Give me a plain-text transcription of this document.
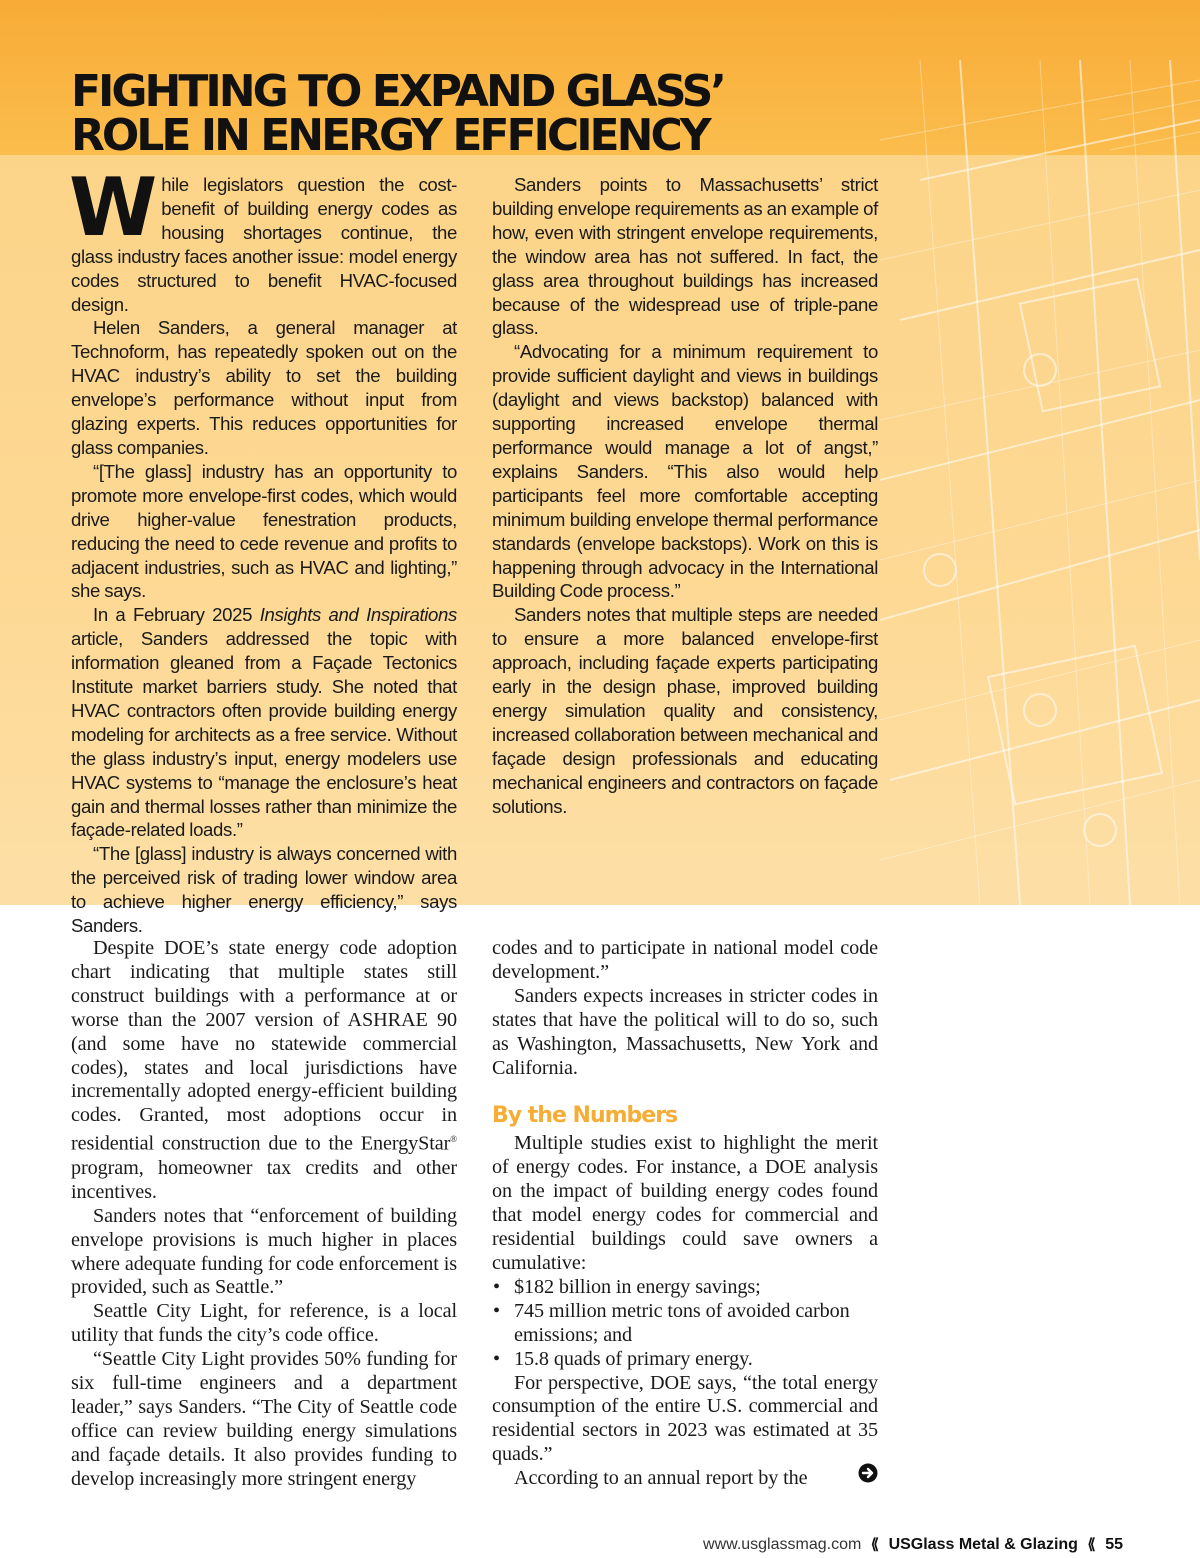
FIGHTING TO EXPAND GLASS’
ROLE IN ENERGY EFFICIENCY

While legislators question the cost-benefit of building energy codes as housing shortages continue, the glass industry faces another issue: model energy codes structured to benefit HVAC-focused design.

Helen Sanders, a general manager at Technoform, has repeatedly spoken out on the HVAC industry’s ability to set the building envelope’s performance without input from glazing experts. This reduces opportunities for glass companies.

“[The glass] industry has an opportunity to promote more envelope-first codes, which would drive higher-value fenestration products, reducing the need to cede revenue and profits to adjacent industries, such as HVAC and lighting,” she says.

In a February 2025 Insights and Inspirations article, Sanders addressed the topic with information gleaned from a Façade Tectonics Institute market barriers study. She noted that HVAC contractors often provide building energy modeling for architects as a free service. Without the glass industry’s input, energy modelers use HVAC systems to “manage the enclosure’s heat gain and thermal losses rather than minimize the façade-related loads.”

“The [glass] industry is always concerned with the perceived risk of trading lower window area to achieve higher energy efficiency,” says Sanders.

Sanders points to Massachusetts’ strict building envelope requirements as an example of how, even with stringent envelope requirements, the window area has not suffered. In fact, the glass area throughout buildings has increased because of the widespread use of triple-pane glass.

“Advocating for a minimum requirement to provide sufficient daylight and views in buildings (daylight and views backstop) balanced with supporting increased envelope thermal performance would manage a lot of angst,” explains Sanders. “This also would help participants feel more comfortable accepting minimum building envelope thermal performance standards (envelope backstops). Work on this is happening through advocacy in the International Building Code process.”

Sanders notes that multiple steps are needed to ensure a more balanced envelope-first approach, including façade experts participating early in the design phase, improved building energy simulation quality and consistency, increased collaboration between mechanical and façade design professionals and educating mechanical engineers and contractors on façade solutions.

Despite DOE’s state energy code adoption chart indicating that multiple states still construct buildings with a performance at or worse than the 2007 version of ASHRAE 90 (and some have no statewide commercial codes), states and local jurisdictions have incrementally adopted energy-efficient building codes. Granted, most adoptions occur in residential construction due to the EnergyStar® program, homeowner tax credits and other incentives.

Sanders notes that “enforcement of building envelope provisions is much higher in places where adequate funding for code enforcement is provided, such as Seattle.”

Seattle City Light, for reference, is a local utility that funds the city’s code office.

“Seattle City Light provides 50% funding for six full-time engineers and a department leader,” says Sanders. “The City of Seattle code office can review building energy simulations and façade details. It also provides funding to develop increasingly more stringent energy

codes and to participate in national model code development.”

Sanders expects increases in stricter codes in states that have the political will to do so, such as Washington, Massachusetts, New York and California.

By the Numbers

Multiple studies exist to highlight the merit of energy codes. For instance, a DOE analysis on the impact of building energy codes found that model energy codes for commercial and residential buildings could save owners a cumulative:

• $182 billion in energy savings;
• 745 million metric tons of avoided carbon emissions; and
• 15.8 quads of primary energy.

For perspective, DOE says, “the total energy consumption of the entire U.S. commercial and residential sectors in 2023 was estimated at 35 quads.”

According to an annual report by the

www.usglassmag.com ⟪ USGlass Metal & Glazing ⟪ 55
